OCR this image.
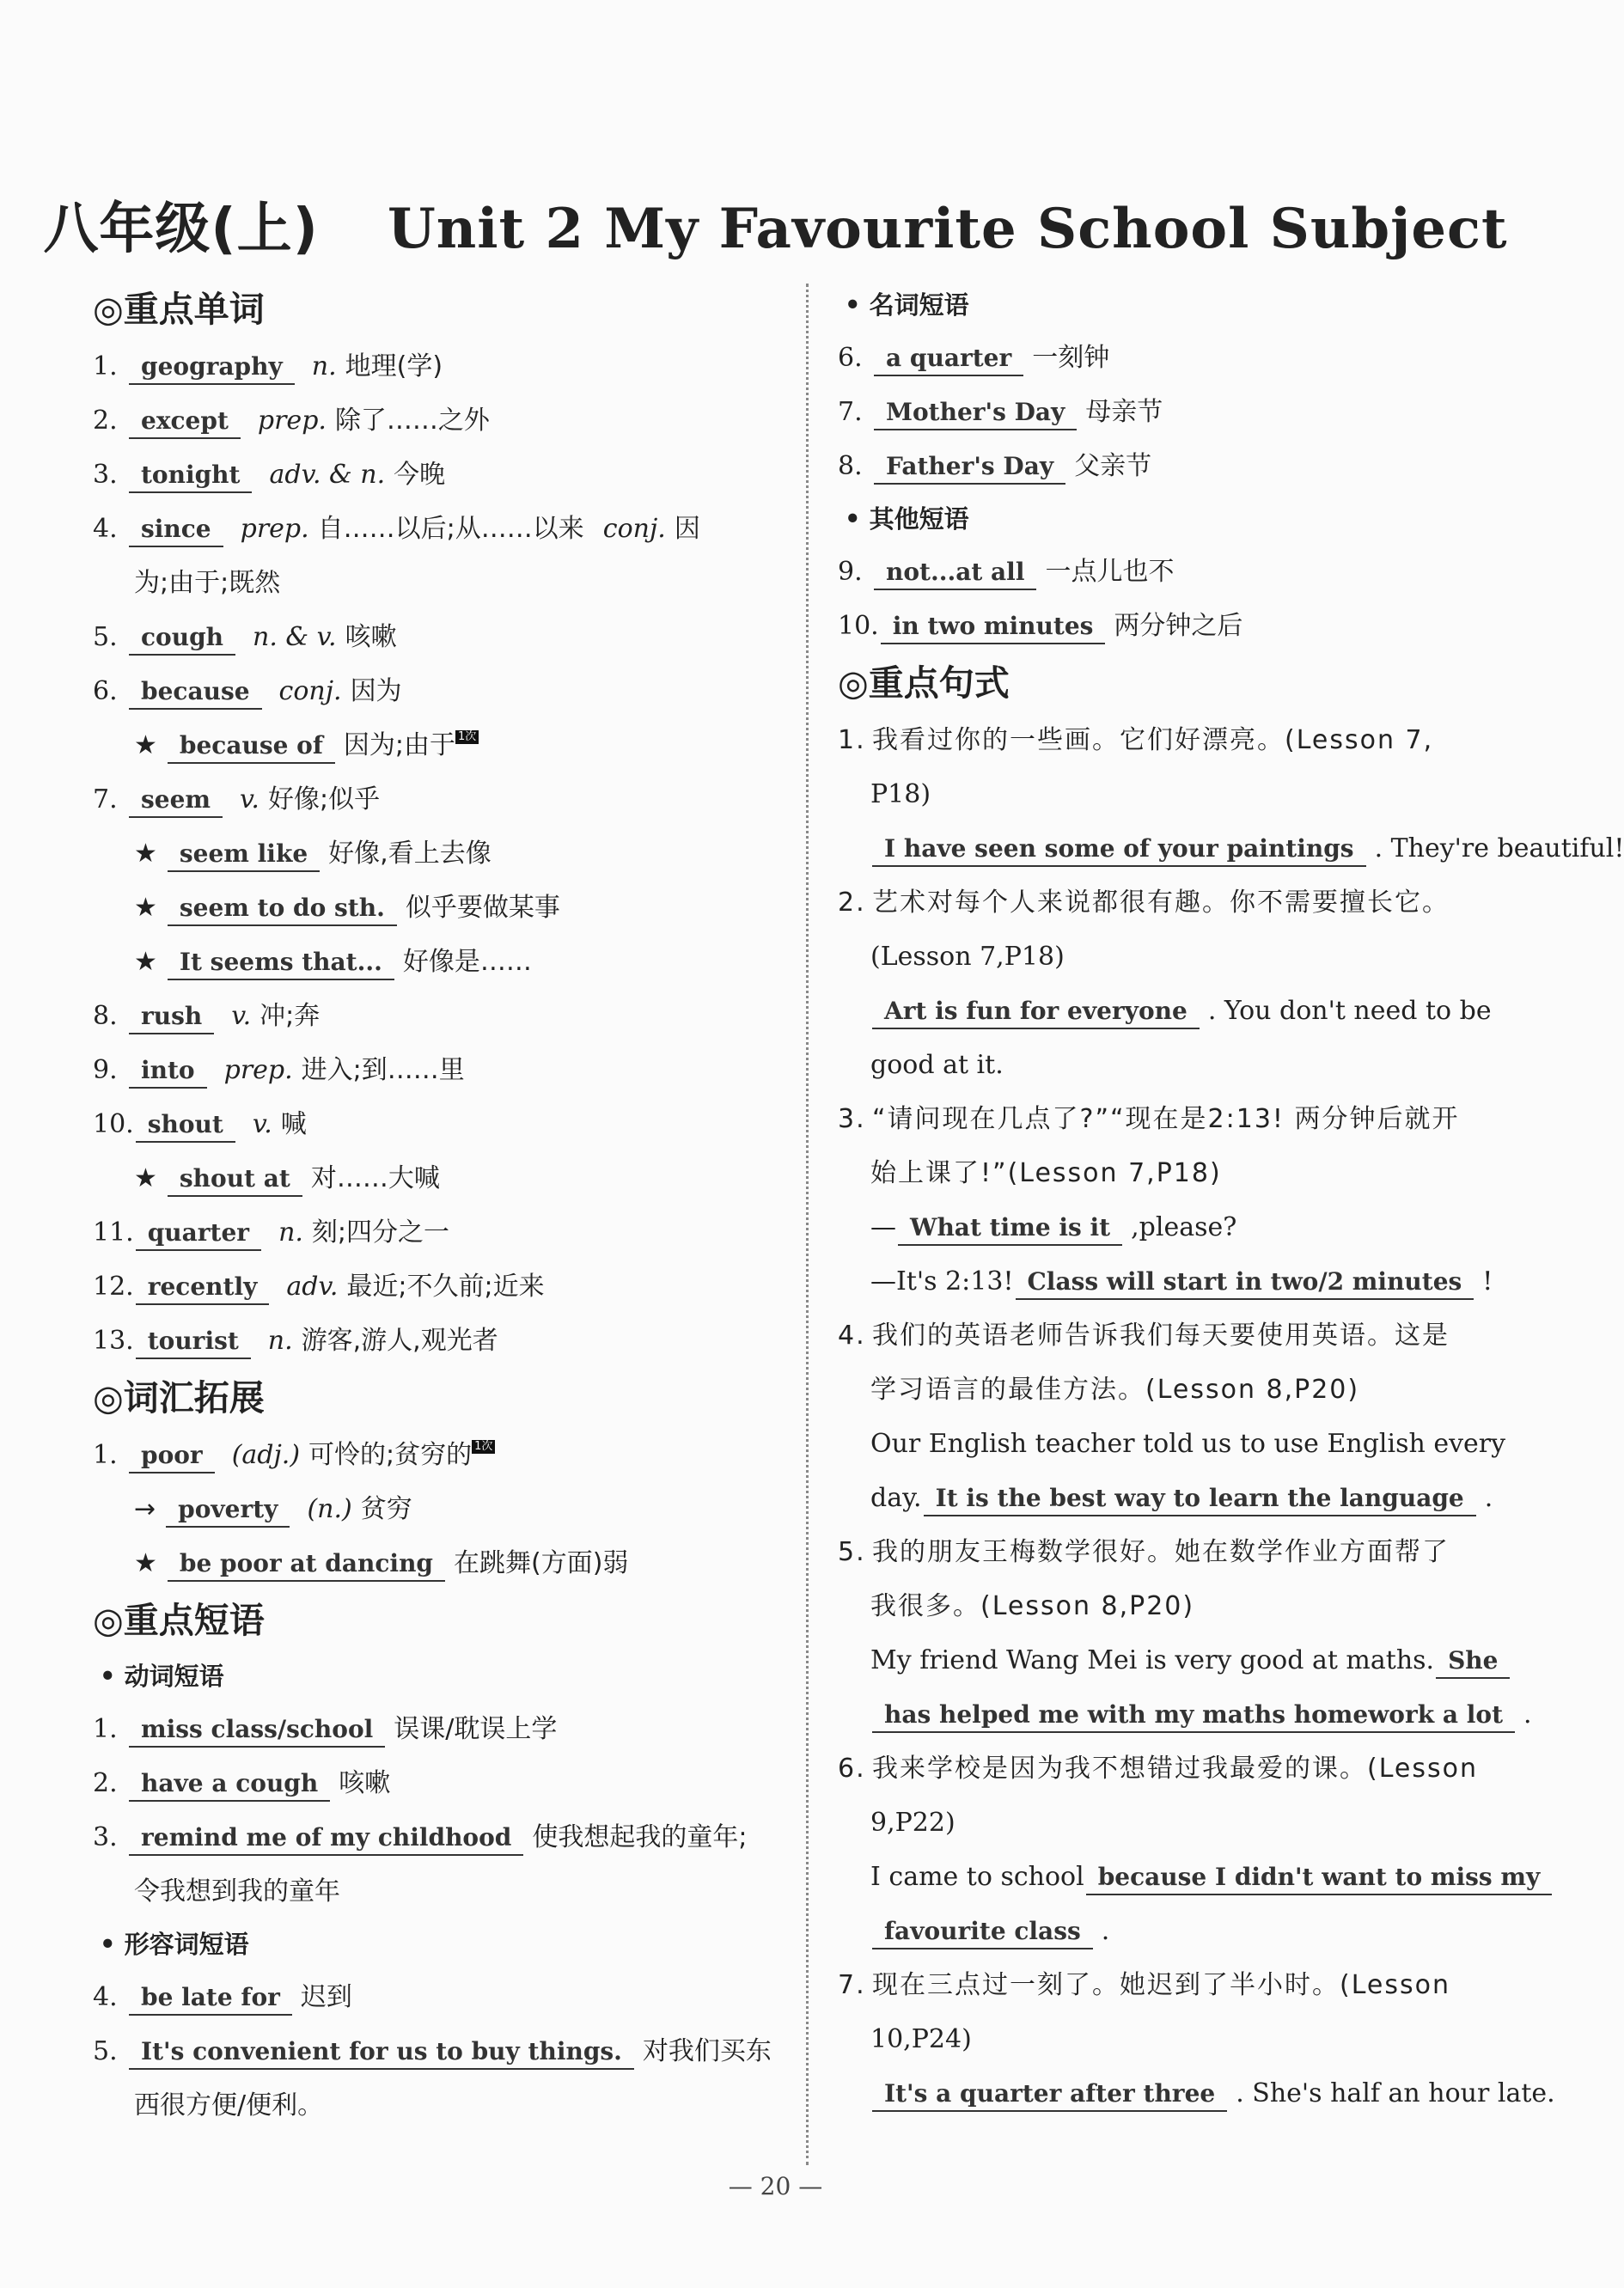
八年级(上) Unit 2 My Favourite School Subject
◎重点单词
1. geography n. 地理(学)
2. except prep. 除了……之外
3. tonight adv. & n. 今晚
4. since prep. 自……以后;从……以来 conj. 因
为;由于;既然
5. cough n. & v. 咳嗽
6. because conj. 因为
★ because of 因为;由于 1次
7. seem v. 好像;似乎
★ seem like 好像,看上去像
★ seem to do sth. 似乎要做某事
★ It seems that... 好像是……
8. rush v. 冲;奔
9. into prep. 进入;到……里
10. shout v. 喊
★ shout at 对……大喊
11. quarter n. 刻;四分之一
12. recently adv. 最近;不久前;近来
13. tourist n. 游客,游人,观光者
◎词汇拓展
1. poor (adj.) 可怜的;贫穷的 1次
→ poverty (n.) 贫穷
★ be poor at dancing 在跳舞(方面)弱
◎重点短语
• 动词短语
1. miss class/school 误课/耽误上学
2. have a cough 咳嗽
3. remind me of my childhood 使我想起我的童年;
令我想到我的童年
• 形容词短语
4. be late for 迟到
5. It's convenient for us to buy things. 对我们买东
西很方便/便利。
• 名词短语
6. a quarter 一刻钟
7. Mother's Day 母亲节
8. Father's Day 父亲节
• 其他短语
9. not...at all 一点儿也不
10. in two minutes 两分钟之后
◎重点句式
1. 我看过你的一些画。它们好漂亮。(Lesson 7,
P18)
I have seen some of your paintings . They're beautiful!
2. 艺术对每个人来说都很有趣。你不需要擅长它。
(Lesson 7,P18)
Art is fun for everyone . You don't need to be
good at it.
3. “请问现在几点了?”“现在是2:13! 两分钟后就开
始上课了!”(Lesson 7,P18)
— What time is it ,please?
—It's 2:13! Class will start in two/2 minutes !
4. 我们的英语老师告诉我们每天要使用英语。这是
学习语言的最佳方法。(Lesson 8,P20)
Our English teacher told us to use English every
day. It is the best way to learn the language .
5. 我的朋友王梅数学很好。她在数学作业方面帮了
我很多。(Lesson 8,P20)
My friend Wang Mei is very good at maths. She
has helped me with my maths homework a lot .
6. 我来学校是因为我不想错过我最爱的课。(Lesson
9,P22)
I came to school because I didn't want to miss my
favourite class .
7. 现在三点过一刻了。她迟到了半小时。(Lesson
10,P24)
It's a quarter after three . She's half an hour late.
— 20 —
